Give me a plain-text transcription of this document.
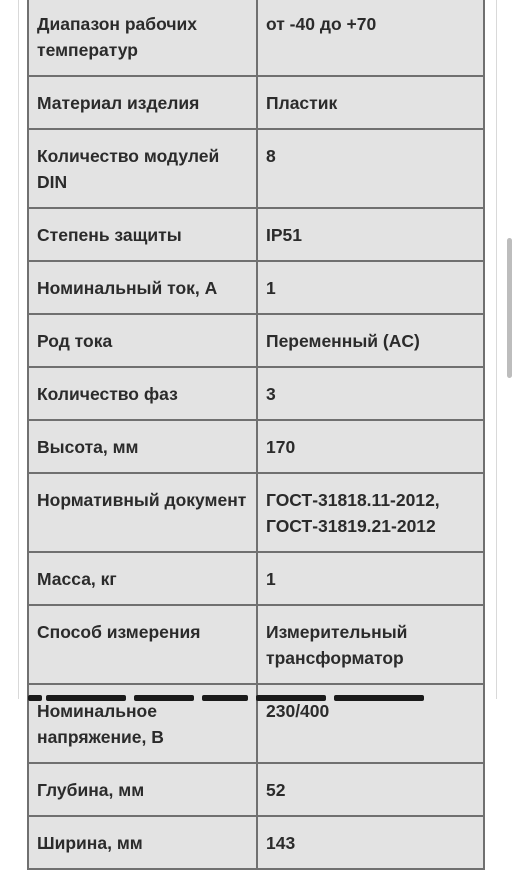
Диапазон рабочих температур	от -40 до +70
Материал изделия	Пластик
Количество модулей DIN	8
Степень защиты	IP51
Номинальный ток, А	1
Род тока	Переменный (AC)
Количество фаз	3
Высота, мм	170
Нормативный документ	ГОСТ-31818.11-2012, ГОСТ-31819.21-2012
Масса, кг	1
Способ измерения	Измерительный трансформатор
Номинальное напряжение, В	230/400
Глубина, мм	52
Ширина, мм	143
